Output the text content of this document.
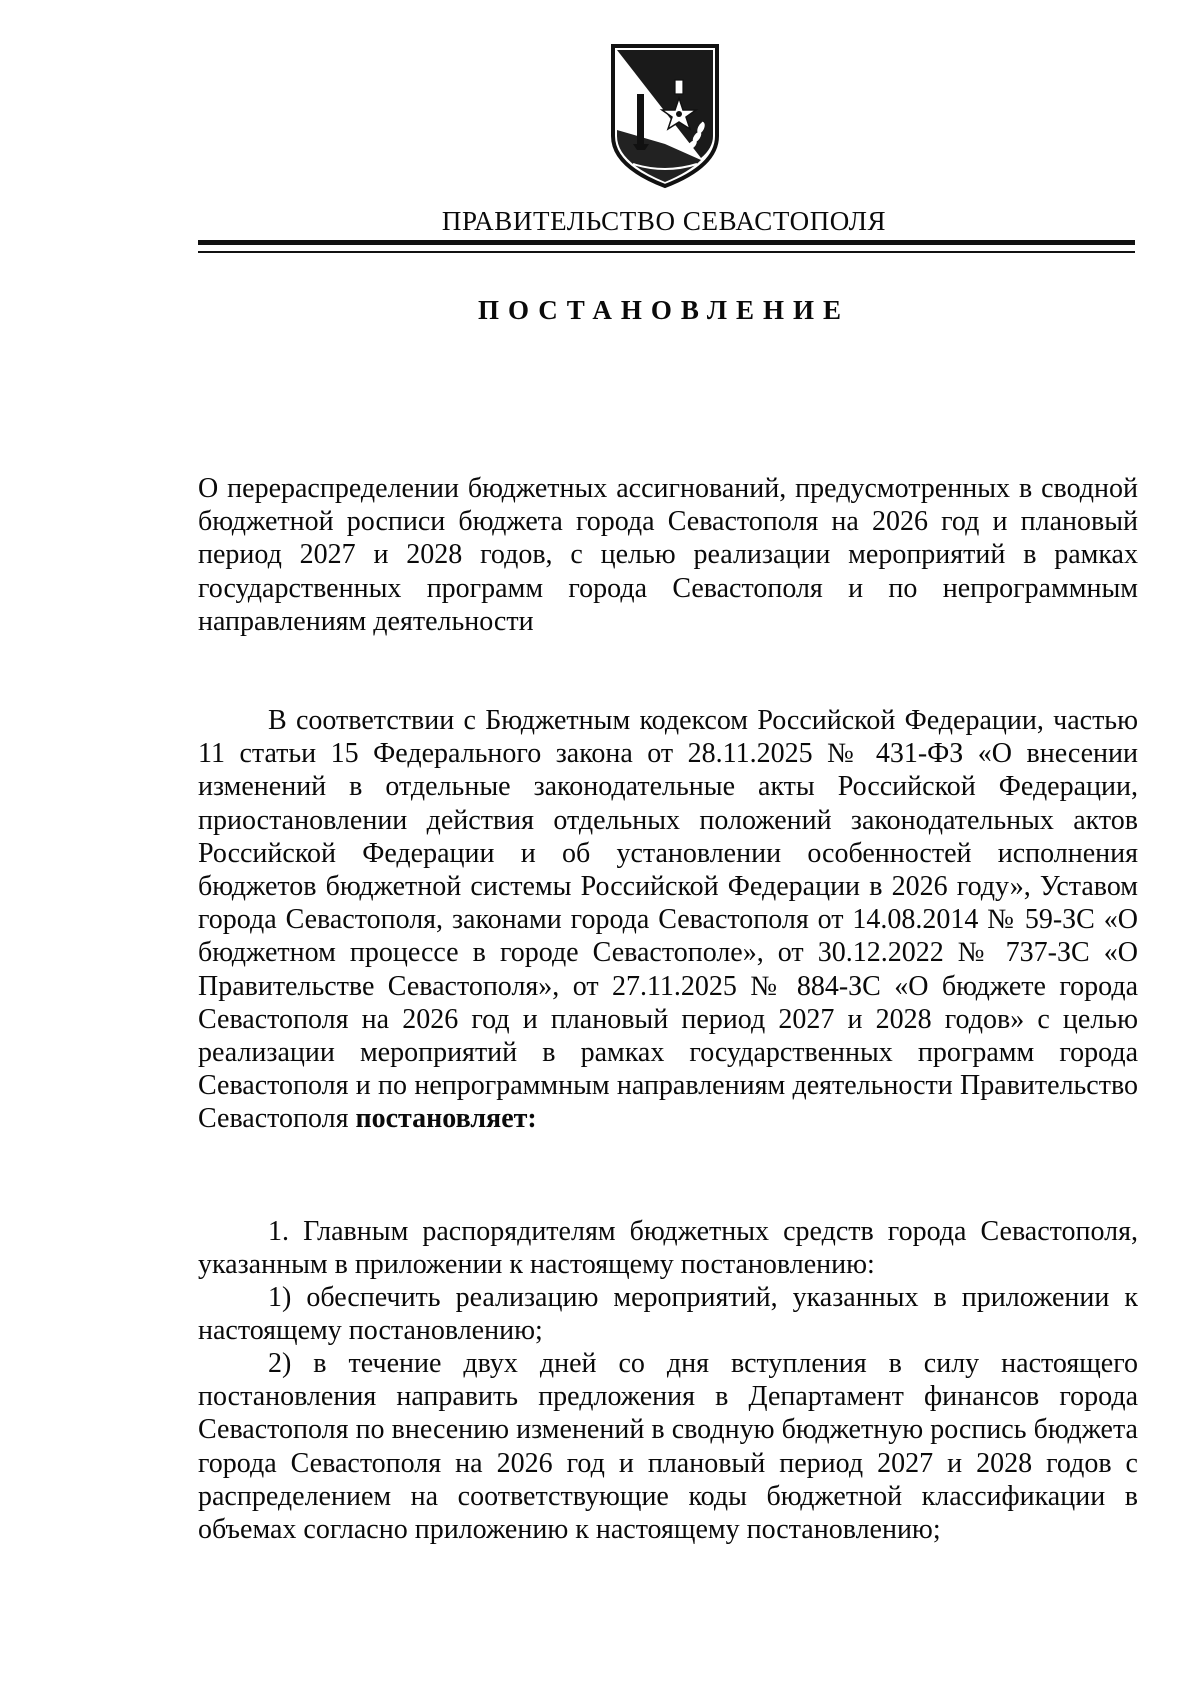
ПРАВИТЕЛЬСТВО СЕВАСТОПОЛЯ
ПОСТАНОВЛЕНИЕ

О перераспределении бюджетных ассигнований, предусмотренных в сводной бюджетной росписи бюджета города Севастополя на 2026 год и плановый период 2027 и 2028 годов, с целью реализации мероприятий в рамках государственных программ города Севастополя и по непрограммным направлениям деятельности

В соответствии с Бюджетным кодексом Российской Федерации, частью 11 статьи 15 Федерального закона от 28.11.2025 № 431-ФЗ «О внесении изменений в отдельные законодательные акты Российской Федерации, приостановлении действия отдельных положений законодательных актов Российской Федерации и об установлении особенностей исполнения бюджетов бюджетной системы Российской Федерации в 2026 году», Уставом города Севастополя, законами города Севастополя от 14.08.2014 № 59-ЗС «О бюджетном процессе в городе Севастополе», от 30.12.2022 № 737-ЗС «О Правительстве Севастополя», от 27.11.2025 № 884-ЗС «О бюджете города Севастополя на 2026 год и плановый период 2027 и 2028 годов» с целью реализации мероприятий в рамках государственных программ города Севастополя и по непрограммным направлениям деятельности Правительство Севастополя постановляет:

1. Главным распорядителям бюджетных средств города Севастополя, указанным в приложении к настоящему постановлению:

1) обеспечить реализацию мероприятий, указанных в приложении к настоящему постановлению;

2) в течение двух дней со дня вступления в силу настоящего постановления направить предложения в Департамент финансов города Севастополя по внесению изменений в сводную бюджетную роспись бюджета города Севастополя на 2026 год и плановый период 2027 и 2028 годов с распределением на соответствующие коды бюджетной классификации в объемах согласно приложению к настоящему постановлению;
